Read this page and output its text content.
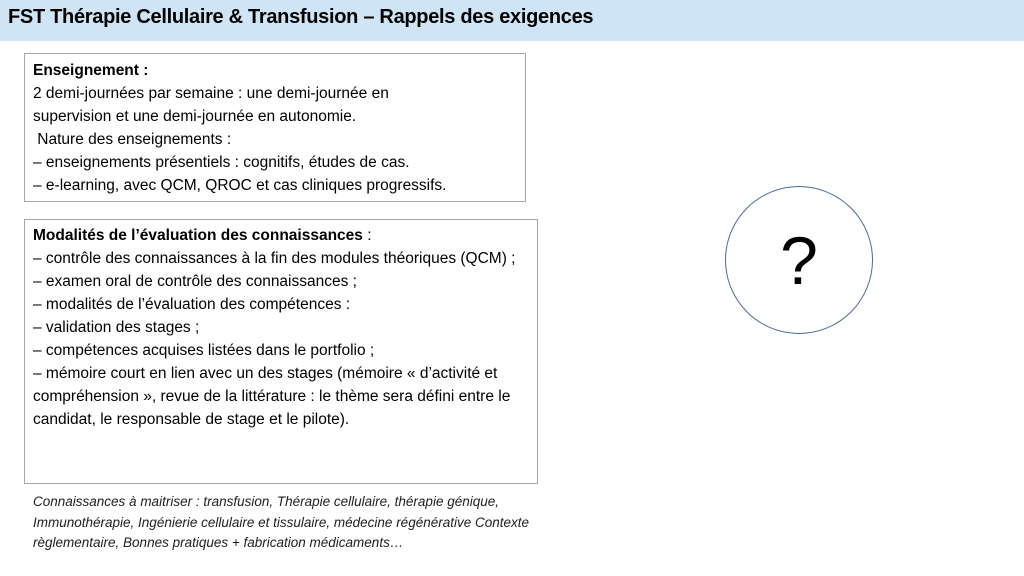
FST Thérapie Cellulaire & Transfusion – Rappels des exigences
Enseignement :
2 demi-journées par semaine : une demi-journée en
supervision et une demi-journée en autonomie.
Nature des enseignements :
– enseignements présentiels : cognitifs, études de cas.
– e-learning, avec QCM, QROC et cas cliniques progressifs.
Modalités de l’évaluation des connaissances :
– contrôle des connaissances à la fin des modules théoriques (QCM) ;
– examen oral de contrôle des connaissances ;
– modalités de l’évaluation des compétences :
– validation des stages ;
– compétences acquises listées dans le portfolio ;
– mémoire court en lien avec un des stages (mémoire « d’activité et compréhension », revue de la littérature : le thème sera défini entre le candidat, le responsable de stage et le pilote).
Connaissances à maitriser : transfusion, Thérapie cellulaire, thérapie génique, Immunothérapie, Ingénierie cellulaire et tissulaire, médecine régénérative Contexte règlementaire, Bonnes pratiques + fabrication médicaments…
?
